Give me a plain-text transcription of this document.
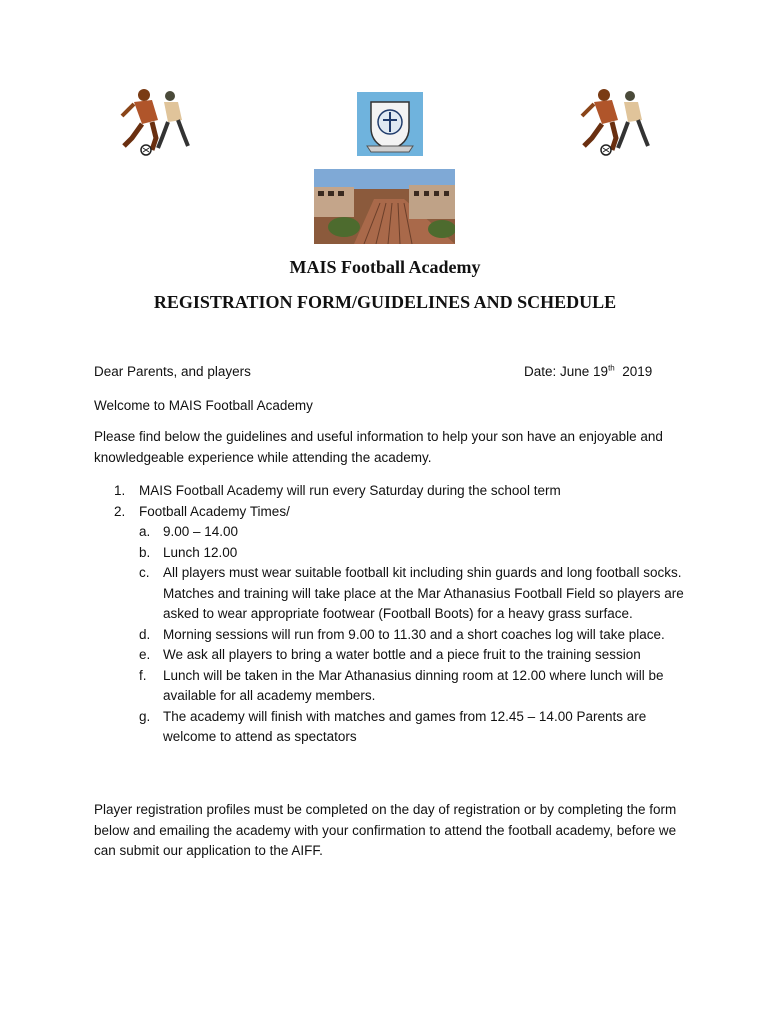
MAIS Football Academy
REGISTRATION FORM/GUIDELINES AND SCHEDULE
Dear Parents, and players	Date: June 19th 2019
Welcome to MAIS Football Academy
Please find below the guidelines and useful information to help your son have an enjoyable and knowledgeable experience while attending the academy.
1. MAIS Football Academy will run every Saturday during the school term
2. Football Academy Times/
a. 9.00 – 14.00
b. Lunch 12.00
c. All players must wear suitable football kit including shin guards and long football socks. Matches and training will take place at the Mar Athanasius Football Field so players are asked to wear appropriate footwear (Football Boots) for a heavy grass surface.
d. Morning sessions will run from 9.00 to 11.30 and a short coaches log will take place.
e. We ask all players to bring a water bottle and a piece fruit to the training session
f. Lunch will be taken in the Mar Athanasius dinning room at 12.00 where lunch will be available for all academy members.
g. The academy will finish with matches and games from 12.45 – 14.00 Parents are welcome to attend as spectators
Player registration profiles must be completed on the day of registration or by completing the form below and emailing the academy with your confirmation to attend the football academy, before we can submit our application to the AIFF.
